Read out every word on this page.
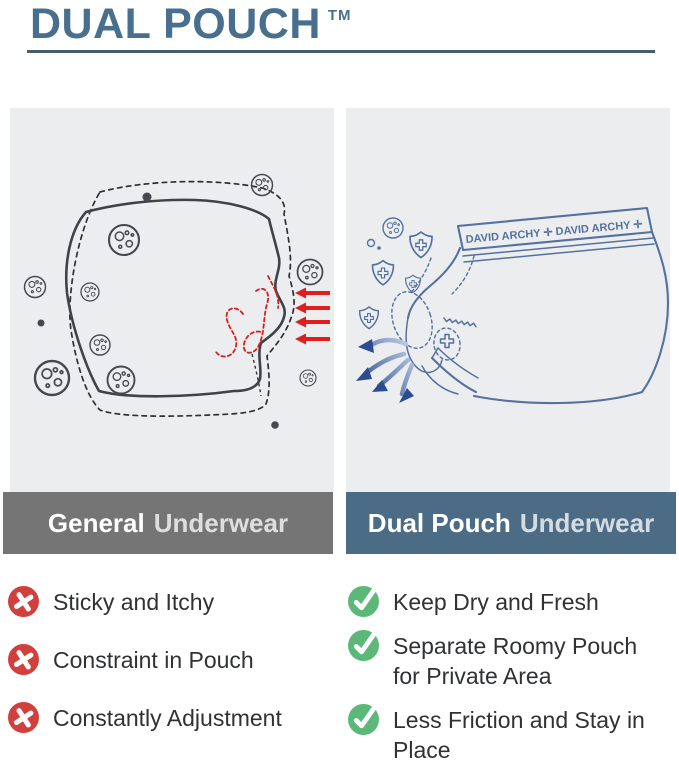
DUAL POUCH TM
DAVID ARCHY ✛ DAVID ARCHY ✛
General Underwear	Dual Pouch Underwear
Sticky and Itchy
Constraint in Pouch
Constantly Adjustment
Keep Dry and Fresh
Separate Roomy Pouch for Private Area
Less Friction and Stay in Place
